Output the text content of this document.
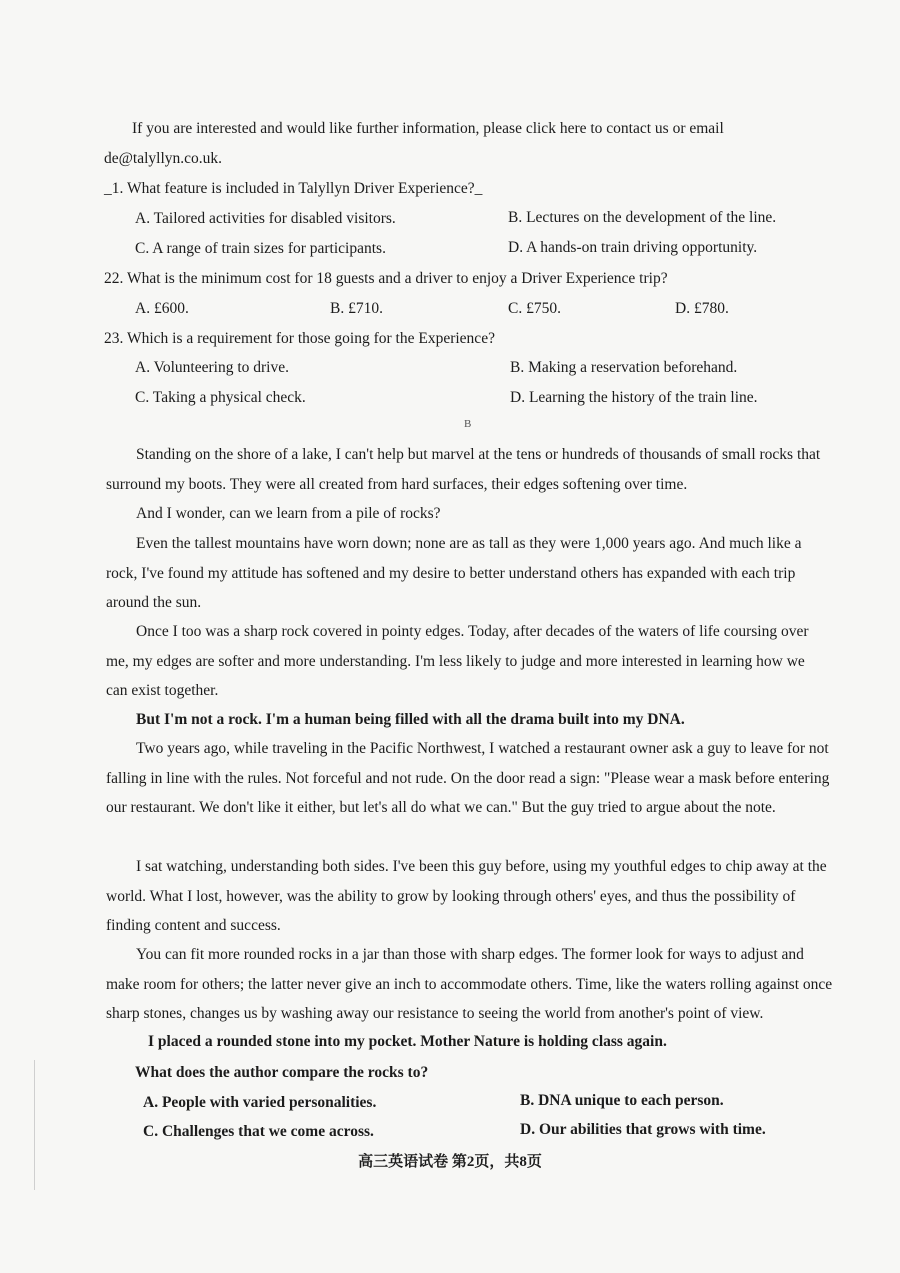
If you are interested and would like further information, please click here to contact us or email
de@talyllyn.co.uk.
_1. What feature is included in Talyllyn Driver Experience?_
A. Tailored activities for disabled visitors.	B. Lectures on the development of the line.
C. A range of train sizes for participants.	D. A hands-on train driving opportunity.
22. What is the minimum cost for 18 guests and a driver to enjoy a Driver Experience trip?
A. £600.	B. £710.	C. £750.	D. £780.
23. Which is a requirement for those going for the Experience?
A. Volunteering to drive.	B. Making a reservation beforehand.
C. Taking a physical check.	D. Learning the history of the train line.
B
Standing on the shore of a lake, I can't help but marvel at the tens or hundreds of thousands of small rocks that surround my boots. They were all created from hard surfaces, their edges softening over time.
And I wonder, can we learn from a pile of rocks?
Even the tallest mountains have worn down; none are as tall as they were 1,000 years ago. And much like a rock, I've found my attitude has softened and my desire to better understand others has expanded with each trip around the sun.
Once I too was a sharp rock covered in pointy edges. Today, after decades of the waters of life coursing over me, my edges are softer and more understanding. I'm less likely to judge and more interested in learning how we can exist together.
But I'm not a rock. I'm a human being filled with all the drama built into my DNA.
Two years ago, while traveling in the Pacific Northwest, I watched a restaurant owner ask a guy to leave for not falling in line with the rules. Not forceful and not rude. On the door read a sign: "Please wear a mask before entering our restaurant. We don't like it either, but let's all do what we can." But the guy tried to argue about the note.
I sat watching, understanding both sides. I've been this guy before, using my youthful edges to chip away at the world. What I lost, however, was the ability to grow by looking through others' eyes, and thus the possibility of finding content and success.
You can fit more rounded rocks in a jar than those with sharp edges. The former look for ways to adjust and make room for others; the latter never give an inch to accommodate others. Time, like the waters rolling against once sharp stones, changes us by washing away our resistance to seeing the world from another's point of view.
I placed a rounded stone into my pocket. Mother Nature is holding class again.
What does the author compare the rocks to?
A. People with varied personalities.	B. DNA unique to each person.
C. Challenges that we come across.	D. Our abilities that grows with time.
高三英语试卷 第2页，共8页
